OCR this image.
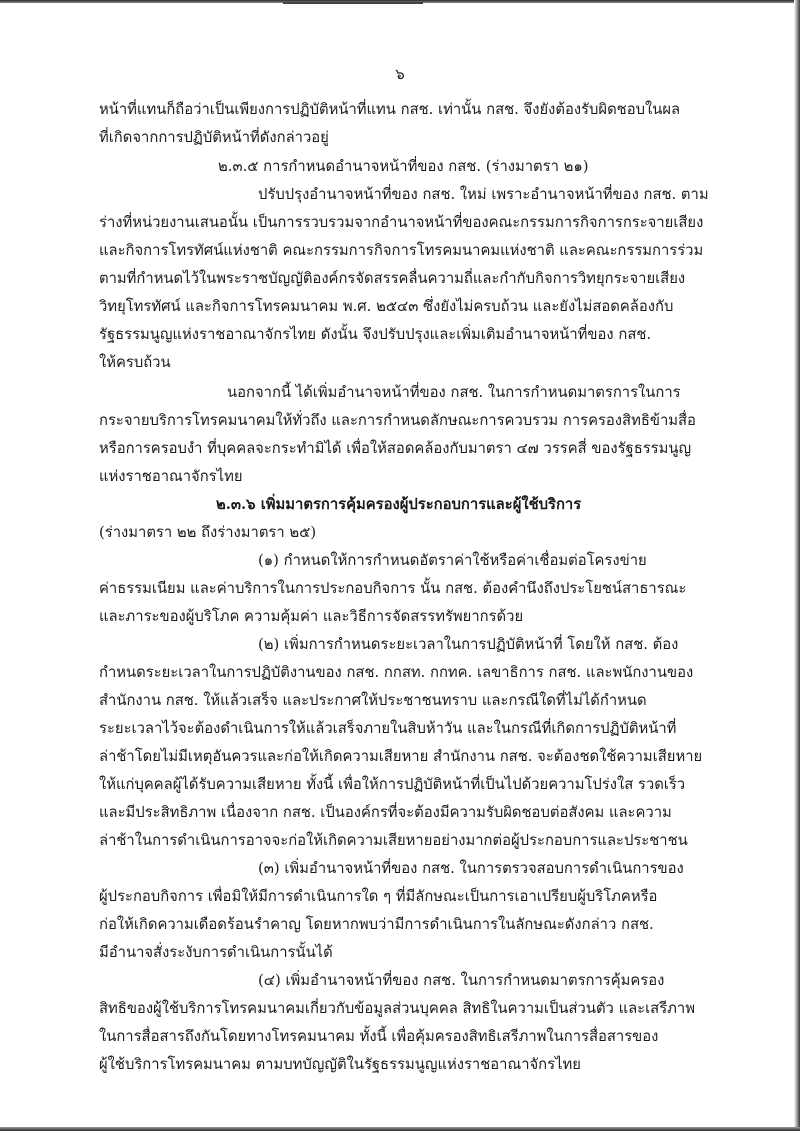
๖
หน้าที่แทนก็ถือว่าเป็นเพียงการปฏิบัติหน้าที่แทน กสช. เท่านั้น กสช. จึงยังต้องรับผิดชอบในผล
ที่เกิดจากการปฏิบัติหน้าที่ดังกล่าวอยู่
๒.๓.๕ การกำหนดอำนาจหน้าที่ของ กสช. (ร่างมาตรา ๒๑)
ปรับปรุงอำนาจหน้าที่ของ กสช. ใหม่ เพราะอำนาจหน้าที่ของ กสช. ตาม
ร่างที่หน่วยงานเสนอนั้น เป็นการรวบรวมจากอำนาจหน้าที่ของคณะกรรมการกิจการกระจายเสียง
และกิจการโทรทัศน์แห่งชาติ คณะกรรมการกิจการโทรคมนาคมแห่งชาติ และคณะกรรมการร่วม
ตามที่กำหนดไว้ในพระราชบัญญัติองค์กรจัดสรรคลื่นความถี่และกำกับกิจการวิทยุกระจายเสียง
วิทยุโทรทัศน์ และกิจการโทรคมนาคม พ.ศ. ๒๕๔๓ ซึ่งยังไม่ครบถ้วน และยังไม่สอดคล้องกับ
รัฐธรรมนูญแห่งราชอาณาจักรไทย ดังนั้น จึงปรับปรุงและเพิ่มเติมอำนาจหน้าที่ของ กสช.
ให้ครบถ้วน
นอกจากนี้ ได้เพิ่มอำนาจหน้าที่ของ กสช. ในการกำหนดมาตรการในการ
กระจายบริการโทรคมนาคมให้ทั่วถึง และการกำหนดลักษณะการควบรวม การครองสิทธิข้ามสื่อ
หรือการครอบงำ ที่บุคคลจะกระทำมิได้ เพื่อให้สอดคล้องกับมาตรา ๔๗ วรรคสี่ ของรัฐธรรมนูญ
แห่งราชอาณาจักรไทย
๒.๓.๖ เพิ่มมาตรการคุ้มครองผู้ประกอบการและผู้ใช้บริการ
(ร่างมาตรา ๒๒ ถึงร่างมาตรา ๒๕)
(๑) กำหนดให้การกำหนดอัตราค่าใช้หรือค่าเชื่อมต่อโครงข่าย
ค่าธรรมเนียม และค่าบริการในการประกอบกิจการ นั้น กสช. ต้องคำนึงถึงประโยชน์สาธารณะ
และภาระของผู้บริโภค ความคุ้มค่า และวิธีการจัดสรรทรัพยากรด้วย
(๒) เพิ่มการกำหนดระยะเวลาในการปฏิบัติหน้าที่ โดยให้ กสช. ต้อง
กำหนดระยะเวลาในการปฏิบัติงานของ กสช. กกสท. กกทค. เลขาธิการ กสช. และพนักงานของ
สำนักงาน กสช. ให้แล้วเสร็จ และประกาศให้ประชาชนทราบ และกรณีใดที่ไม่ได้กำหนด
ระยะเวลาไว้จะต้องดำเนินการให้แล้วเสร็จภายในสิบห้าวัน และในกรณีที่เกิดการปฏิบัติหน้าที่
ล่าช้าโดยไม่มีเหตุอันควรและก่อให้เกิดความเสียหาย สำนักงาน กสช. จะต้องชดใช้ความเสียหาย
ให้แก่บุคคลผู้ได้รับความเสียหาย ทั้งนี้ เพื่อให้การปฏิบัติหน้าที่เป็นไปด้วยความโปร่งใส รวดเร็ว
และมีประสิทธิภาพ เนื่องจาก กสช. เป็นองค์กรที่จะต้องมีความรับผิดชอบต่อสังคม และความ
ล่าช้าในการดำเนินการอาจจะก่อให้เกิดความเสียหายอย่างมากต่อผู้ประกอบการและประชาชน
(๓) เพิ่มอำนาจหน้าที่ของ กสช. ในการตรวจสอบการดำเนินการของ
ผู้ประกอบกิจการ เพื่อมิให้มีการดำเนินการใด ๆ ที่มีลักษณะเป็นการเอาเปรียบผู้บริโภคหรือ
ก่อให้เกิดความเดือดร้อนรำคาญ โดยหากพบว่ามีการดำเนินการในลักษณะดังกล่าว กสช.
มีอำนาจสั่งระงับการดำเนินการนั้นได้
(๔) เพิ่มอำนาจหน้าที่ของ กสช. ในการกำหนดมาตรการคุ้มครอง
สิทธิของผู้ใช้บริการโทรคมนาคมเกี่ยวกับข้อมูลส่วนบุคคล สิทธิในความเป็นส่วนตัว และเสรีภาพ
ในการสื่อสารถึงกันโดยทางโทรคมนาคม ทั้งนี้ เพื่อคุ้มครองสิทธิเสรีภาพในการสื่อสารของ
ผู้ใช้บริการโทรคมนาคม ตามบทบัญญัติในรัฐธรรมนูญแห่งราชอาณาจักรไทย
